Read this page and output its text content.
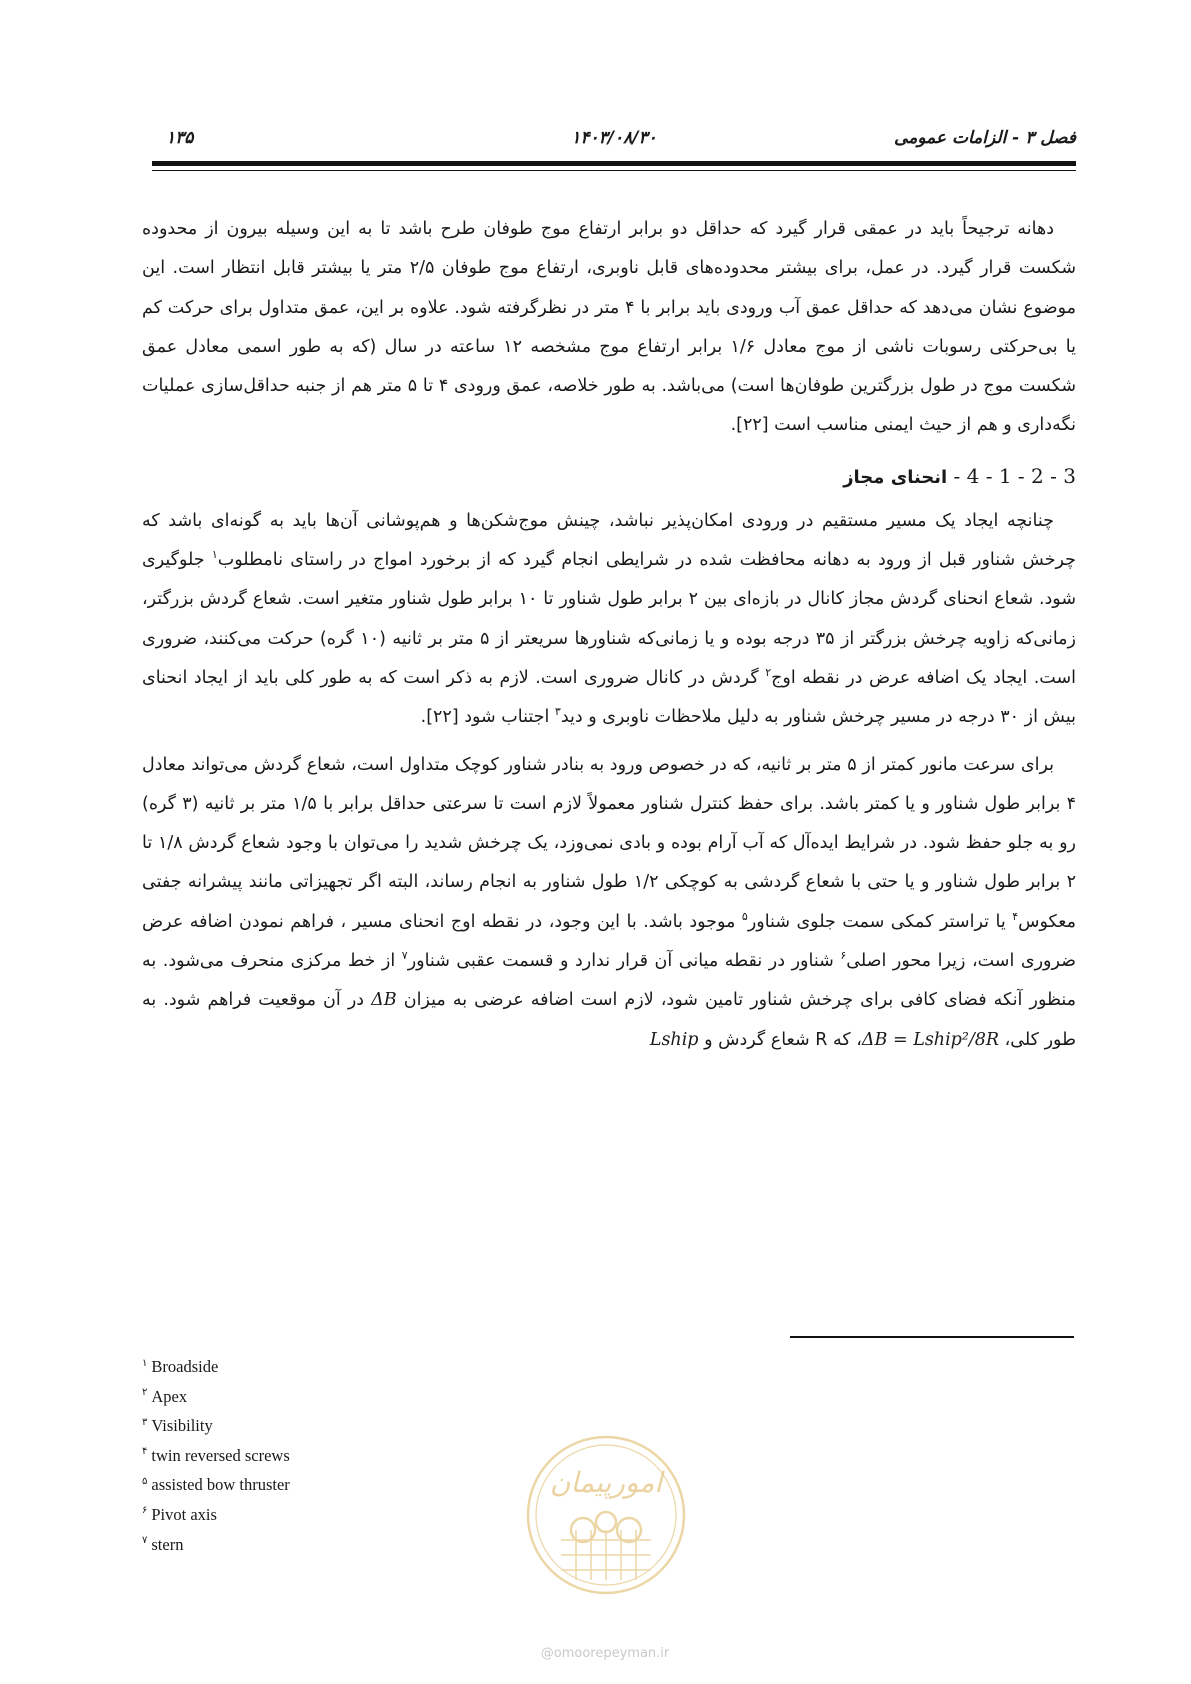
فصل ۳ - الزامات عمومی
۱۴۰۳/۰۸/۳۰
۱۳۵

دهانه ترجیحاً باید در عمقی قرار گیرد که حداقل دو برابر ارتفاع موج طوفان طرح باشد تا به این وسیله بیرون از محدوده شکست قرار گیرد. در عمل، برای بیشتر محدوده‌های قابل ناوبری، ارتفاع موج طوفان ۲/۵ متر یا بیشتر قابل انتظار است. این موضوع نشان می‌دهد که حداقل عمق آب ورودی باید برابر با ۴ متر در نظرگرفته شود. علاوه بر این، عمق متداول برای حرکت کم یا بی‌حرکتی رسوبات ناشی از موج معادل ۱/۶ برابر ارتفاع موج مشخصه ۱۲ ساعته در سال (که به طور اسمی معادل عمق شکست موج در طول بزرگترین طوفان‌ها است) می‌باشد. به طور خلاصه، عمق ورودی ۴ تا ۵ متر هم از جنبه حداقل‌سازی عملیات نگه‌داری و هم از حیث ایمنی مناسب است [۲۲].

3 - 2 - 1 - 4 - انحنای مجاز

چنانچه ایجاد یک مسیر مستقیم در ورودی امکان‌پذیر نباشد، چینش موج‌شکن‌ها و هم‌پوشانی آن‌ها باید به گونه‌ای باشد که چرخش شناور قبل از ورود به دهانه محافظت شده در شرایطی انجام گیرد که از برخورد امواج در راستای نامطلوب$^۱$ جلوگیری شود. شعاع انحنای گردش مجاز کانال در بازه‌ای بین ۲ برابر طول شناور تا ۱۰ برابر طول شناور متغیر است. شعاع گردش بزرگتر، زمانی‌که زاویه چرخش بزرگتر از ۳۵ درجه بوده و یا زمانی‌که شناورها سریعتر از ۵ متر بر ثانیه (۱۰ گره) حرکت می‌کنند، ضروری است. ایجاد یک اضافه عرض در نقطه اوج$^۲$ گردش در کانال ضروری است. لازم به ذکر است که به طور کلی باید از ایجاد انحنای بیش از ۳۰ درجه در مسیر چرخش شناور به دلیل ملاحظات ناوبری و دید$^۳$ اجتناب شود [۲۲].

برای سرعت مانور کمتر از ۵ متر بر ثانیه، که در خصوص ورود به بنادر شناور کوچک متداول است، شعاع گردش می‌تواند معادل ۴ برابر طول شناور و یا کمتر باشد. برای حفظ کنترل شناور معمولاً لازم است تا سرعتی حداقل برابر با ۱/۵ متر بر ثانیه (۳ گره) رو به جلو حفظ شود. در شرایط ایده‌آل که آب آرام بوده و بادی نمی‌وزد، یک چرخش شدید را می‌توان با وجود شعاع گردش ۱/۸ تا ۲ برابر طول شناور و یا حتی با شعاع گردشی به کوچکی ۱/۲ طول شناور به انجام رساند، البته اگر تجهیزاتی مانند پیشرانه جفتی معکوس$^۴$ یا تراستر کمکی سمت جلوی شناور$^۵$ موجود باشد. با این وجود، در نقطه اوج انحنای مسیر ، فراهم نمودن اضافه عرض ضروری است، زیرا محور اصلی$^۶$ شناور در نقطه میانی آن قرار ندارد و قسمت عقبی شناور$^۷$ از خط مرکزی منحرف می‌شود. به منظور آنکه فضای کافی برای چرخش شناور تامین شود، لازم است اضافه عرضی به میزان ΔB در آن موقعیت فراهم شود. به طور کلی، ΔB = Lship²/8R، که R شعاع گردش و Lship

$^۱$ Broadside
$^۲$ Apex
$^۳$ Visibility
$^۴$ twin reversed screws
$^۵$ assisted bow thruster
$^۶$ Pivot axis
$^۷$ stern
امورپیمان
@omoorepeyman.ir
